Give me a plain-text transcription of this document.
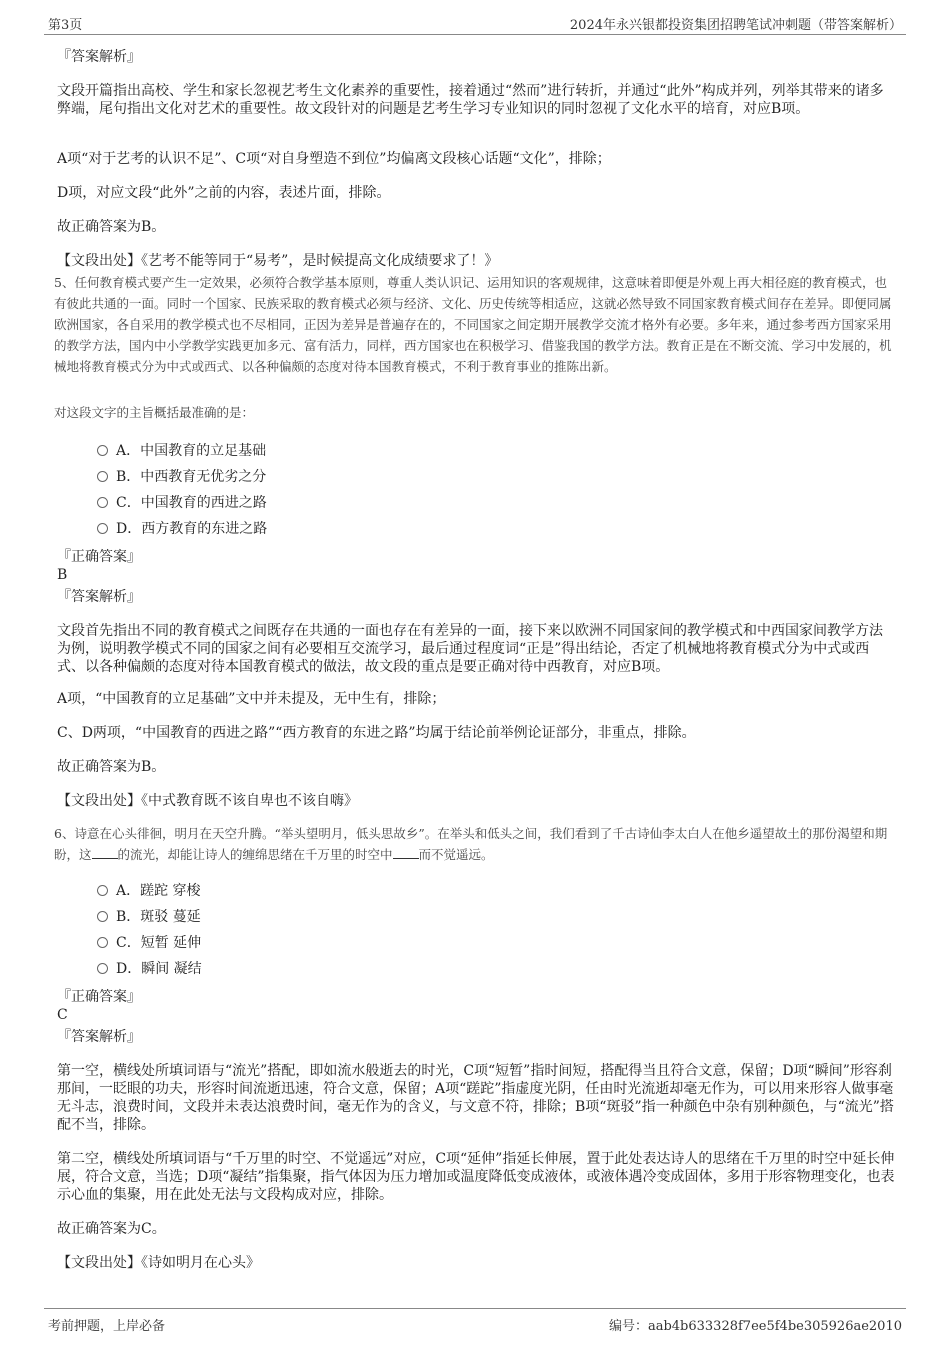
第3页	2024年永兴银都投资集团招聘笔试冲刺题（带答案解析）
『答案解析』
文段开篇指出高校、学生和家长忽视艺考生文化素养的重要性，接着通过“然而”进行转折，并通过“此外”构成并列，列举其带来的诸多弊端，尾句指出文化对艺术的重要性。故文段针对的问题是艺考生学习专业知识的同时忽视了文化水平的培育，对应B项。
A项“对于艺考的认识不足”、C项“对自身塑造不到位”均偏离文段核心话题“文化”，排除；
D项，对应文段“此外”之前的内容，表述片面，排除。
故正确答案为B。
【文段出处】《艺考不能等同于“易考”，是时候提高文化成绩要求了！》
5、任何教育模式要产生一定效果，必须符合教学基本原则，尊重人类认识记、运用知识的客观规律，这意味着即便是外观上再大相径庭的教育模式，也有彼此共通的一面。同时一个国家、民族采取的教育模式必须与经济、文化、历史传统等相适应，这就必然导致不同国家教育模式间存在差异。即便同属欧洲国家，各自采用的教学模式也不尽相同，正因为差异是普遍存在的，不同国家之间定期开展教学交流才格外有必要。多年来，通过参考西方国家采用的教学方法，国内中小学教学实践更加多元、富有活力，同样，西方国家也在积极学习、借鉴我国的教学方法。教育正是在不断交流、学习中发展的，机械地将教育模式分为中式或西式、以各种偏颇的态度对待本国教育模式，不利于教育事业的推陈出新。
对这段文字的主旨概括最准确的是：
A．中国教育的立足基础
B．中西教育无优劣之分
C．中国教育的西进之路
D．西方教育的东进之路
『正确答案』
B
『答案解析』
文段首先指出不同的教育模式之间既存在共通的一面也存在有差异的一面，接下来以欧洲不同国家间的教学模式和中西国家间教学方法为例，说明教学模式不同的国家之间有必要相互交流学习，最后通过程度词“正是”得出结论，否定了机械地将教育模式分为中式或西式、以各种偏颇的态度对待本国教育模式的做法，故文段的重点是要正确对待中西教育，对应B项。
A项，“中国教育的立足基础”文中并未提及，无中生有，排除；
C、D两项，“中国教育的西进之路”“西方教育的东进之路”均属于结论前举例论证部分，非重点，排除。
故正确答案为B。
【文段出处】《中式教育既不该自卑也不该自嗨》
6、诗意在心头徘徊，明月在天空升腾。“举头望明月，低头思故乡”。在举头和低头之间，我们看到了千古诗仙李太白人在他乡遥望故土的那份渴望和期盼，这 的流光，却能让诗人的缠绵思绪在千万里的时空中 而不觉遥远。
A．蹉跎 穿梭
B．斑驳 蔓延
C．短暂 延伸
D．瞬间 凝结
『正确答案』
C
『答案解析』
第一空，横线处所填词语与“流光”搭配，即如流水般逝去的时光，C项“短暂”指时间短，搭配得当且符合文意，保留；D项“瞬间”形容刹那间，一眨眼的功夫，形容时间流逝迅速，符合文意，保留；A项“蹉跎”指虚度光阴，任由时光流逝却毫无作为，可以用来形容人做事毫无斗志，浪费时间，文段并未表达浪费时间，毫无作为的含义，与文意不符，排除；B项“斑驳”指一种颜色中杂有别种颜色，与“流光”搭配不当，排除。
第二空，横线处所填词语与“千万里的时空、不觉遥远”对应，C项“延伸”指延长伸展，置于此处表达诗人的思绪在千万里的时空中延长伸展，符合文意，当选；D项“凝结”指集聚，指气体因为压力增加或温度降低变成液体，或液体遇冷变成固体，多用于形容物理变化，也表示心血的集聚，用在此处无法与文段构成对应，排除。
故正确答案为C。
【文段出处】《诗如明月在心头》
考前押题，上岸必备	编号：aab4b633328f7ee5f4be305926ae2010
